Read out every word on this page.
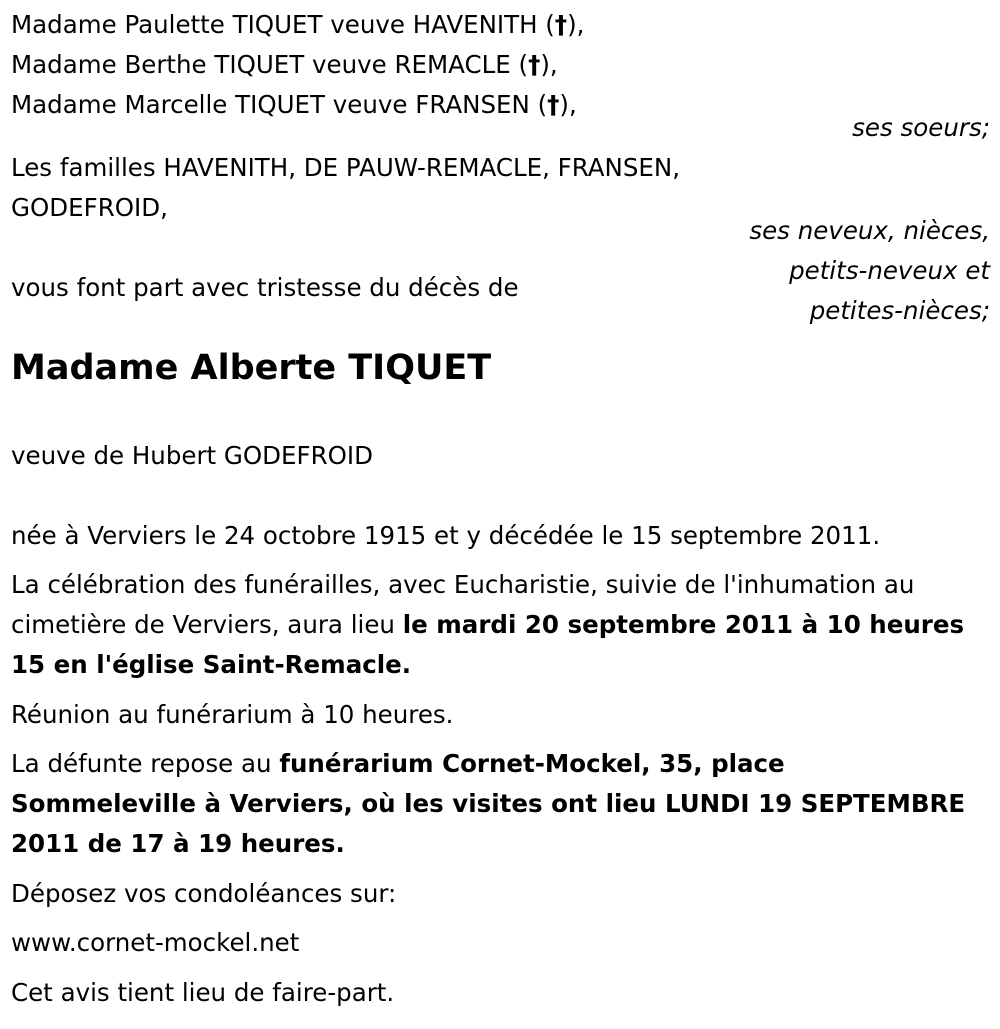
Madame Paulette TIQUET veuve HAVENITH (†),
Madame Berthe TIQUET veuve REMACLE (†),
Madame Marcelle TIQUET veuve FRANSEN (†),
ses soeurs;
Les familles HAVENITH, DE PAUW-REMACLE, FRANSEN,
GODEFROID,
ses neveux, nièces,
petits-neveux et
petites-nièces;
vous font part avec tristesse du décès de
Madame Alberte TIQUET
veuve de Hubert GODEFROID
née à Verviers le 24 octobre 1915 et y décédée le 15 septembre 2011.
La célébration des funérailles, avec Eucharistie, suivie de l'inhumation au
cimetière de Verviers, aura lieu le mardi 20 septembre 2011 à 10 heures
15 en l'église Saint-Remacle.
Réunion au funérarium à 10 heures.
La défunte repose au funérarium Cornet-Mockel, 35, place
Sommeleville à Verviers, où les visites ont lieu LUNDI 19 SEPTEMBRE
2011 de 17 à 19 heures.
Déposez vos condoléances sur:
www.cornet-mockel.net
Cet avis tient lieu de faire-part.
